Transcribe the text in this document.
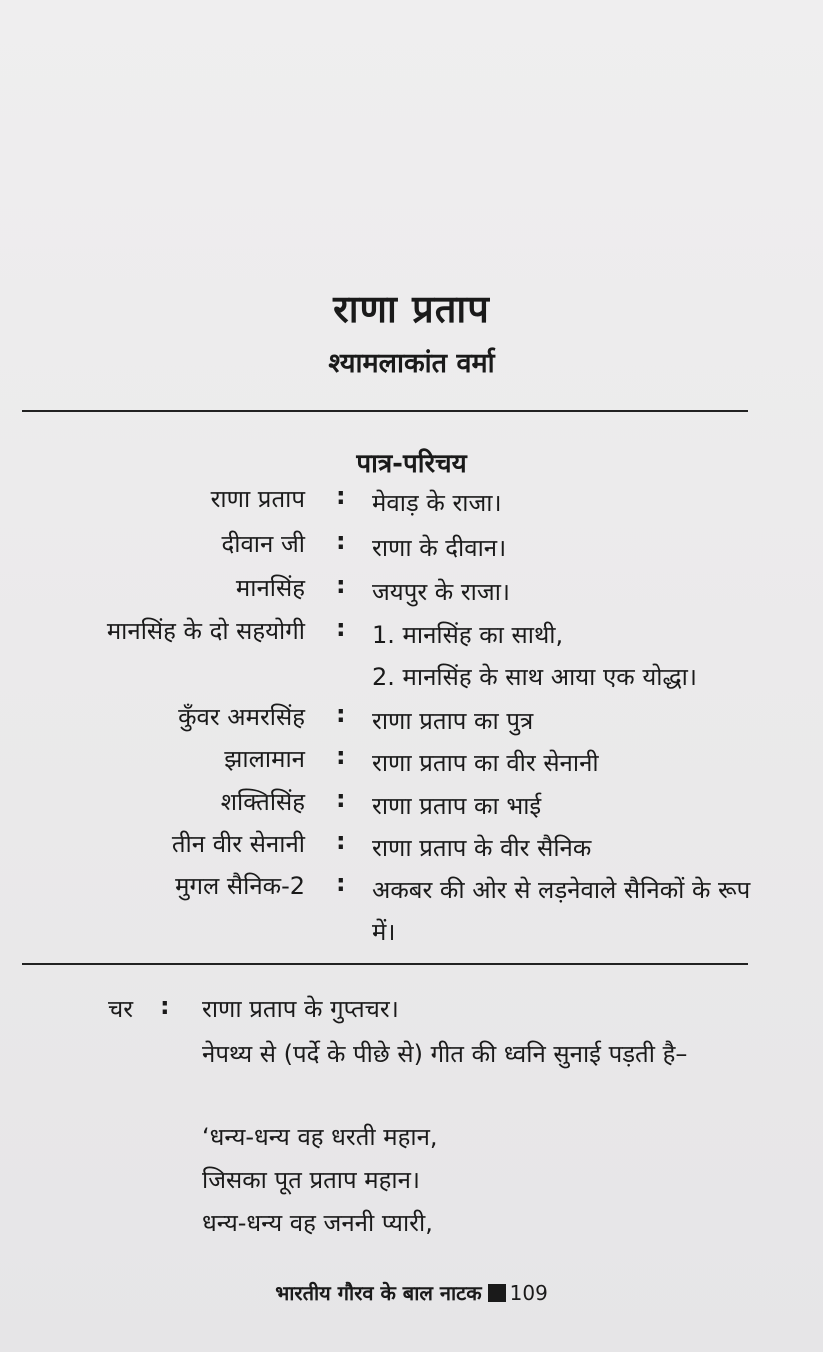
राणा प्रताप
श्यामलाकांत वर्मा
पात्र-परिचय
राणा प्रताप : मेवाड़ के राजा।
दीवान जी : राणा के दीवान।
मानसिंह : जयपुर के राजा।
मानसिंह के दो सहयोगी : 1. मानसिंह का साथी,
2. मानसिंह के साथ आया एक योद्धा।
कुँवर अमरसिंह : राणा प्रताप का पुत्र
झालामान : राणा प्रताप का वीर सेनानी
शक्तिसिंह : राणा प्रताप का भाई
तीन वीर सेनानी : राणा प्रताप के वीर सैनिक
मुगल सैनिक-2 : अकबर की ओर से लड़नेवाले सैनिकों के रूप में।
चर : राणा प्रताप के गुप्तचर।
नेपथ्य से (पर्दे के पीछे से) गीत की ध्वनि सुनाई पड़ती है–
‘धन्य-धन्य वह धरती महान,
जिसका पूत प्रताप महान।
धन्य-धन्य वह जननी प्यारी,
भारतीय गौरव के बाल नाटक 109
